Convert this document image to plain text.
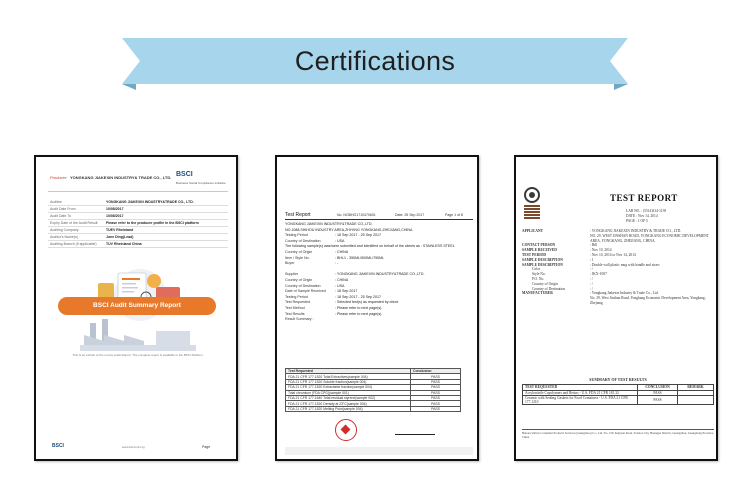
Certifications
Producer: YONGKANG JIAKEXIN INDUSTRY& TRADE CO., LTD. BSCI
Business Social Compliance Initiative
Auditee	YONGKANG JIAKEXIN INDUSTRY&TRADE CO., LTD.
Audit Date From	10/08/2017
Audit Date To	10/08/2017
Expiry Date of the Audit Result	Please refer to the producer profile in the BSCI platform
Auditing Company	TUEV Rheinland
Auditor's Name(s)	Jone Ding(Lead)
Auditing Branch (if applicable)	TUV Rheinland China
BSCI Audit Summary Report
This is an extract of the on-line Audit Report. The complete report is available in the BSCI Platform.
BSCI	www.bsci-intl.org	Page
Test Report	No. NGBHG1710470601	Date: 25 Sep 2017	Page 1 of 8
YONGKANG JIAKEXIN INDUSTRY&TRADE CO.,LTD.
NO.1088,SHIHOU INDUSTRY AREA,ZHIYING YONGKANG,ZHEJIANG,CHINA
Testing Period	: 18 Sep 2017 - 25 Sep 2017
Country of Destination	: USA
The following sample(s) was/were submitted and identified on behalf of the clients as : STAINLESS STEEL
Country of Origin	: CHINA
Item / Style No.	: BHL1 - 350ML/500ML/750ML
Buyer	: -
Supplier	: YONGKANG JIAKEXIN INDUSTRY&TRADE CO.,LTD.
Country of Origin	: CHINA
Country of Destination	: USA
Date of Sample Received	: 18 Sep 2017
Testing Period	: 18 Sep 2017 - 25 Sep 2017
Test Requested	: Selected test(s) as requested by client.
Test Method	: Please refer to next page(s).
Test Results	: Please refer to next page(s).
Result Summary :
Test Requested	Conclusion
FDA 21 CFR 177.1520 Total Extractives(sample 004)	PASS
FDA 21 CFR 177.1520 Soluble fraction(sample 004)	PASS
FDA 21 CFR 177.1520 Extractable fraction(sample 004)	PASS
Total chromium (FDA CPG)(sample 001)	PASS
FDA 21 CFR 177.1640 Total residual styrene(sample 002)	PASS
FDA 21 CFR 177.1520 Density at 23°C(sample 004)	PASS
FDA 21 CFR 177.1520 Melting Point(sample 004)	PASS
TEST REPORT
LAB NO. : (5514)314-1139
DATE : Nov 14, 2014
PAGE : 1 OF 5
APPLICANT	: YONGKANG JIAKEXIN INDUSTRY & TRADE CO., LTD.
NO. 29, WEST JINSHAN ROAD, YONGKANG ECONOMIC DEVELOPMENT AREA, YONGKANG, ZHEJIANG, CHINA.
CONTACT PERSON	: Bill
SAMPLE RECEIVED	: Nov 10, 2014
TEST PERIOD	: Nov 10, 2014 to Nov 14, 2014
SAMPLE DESCRIPTION	: 1
SAMPLE DESCRIPTION	: Double wall plastic mug with handle and straw
Color	: /
Style No.	: JKX-1007
P.O. No.	: /
Country of Origin	: /
Country of Destination	: /
MANUFACTURER	: Yongkang Jiakexin Industry & Trade Co., Ltd.
No. 29, West Jinshan Road, Yongkang Economic Development Area, Yongkang, Zhejiang
SUMMARY OF TEST RESULTS
TEST REQUESTED	CONCLUSION	REMARK
Acrylonitrile Copolymers and Resins - U.S. FDA 21 CFR 181.32	PASS	
Ceramic with Sealing Gaskets for Food Containers - U.S. FDA 21 CFR 177.1210	PASS	
Bureau Veritas Consumer Products Services (Guangzhou) Co., Ltd. No. 159, Kaiyuan Road, Science City, Huangpu District, Guangzhou, Guangdong Province, China
